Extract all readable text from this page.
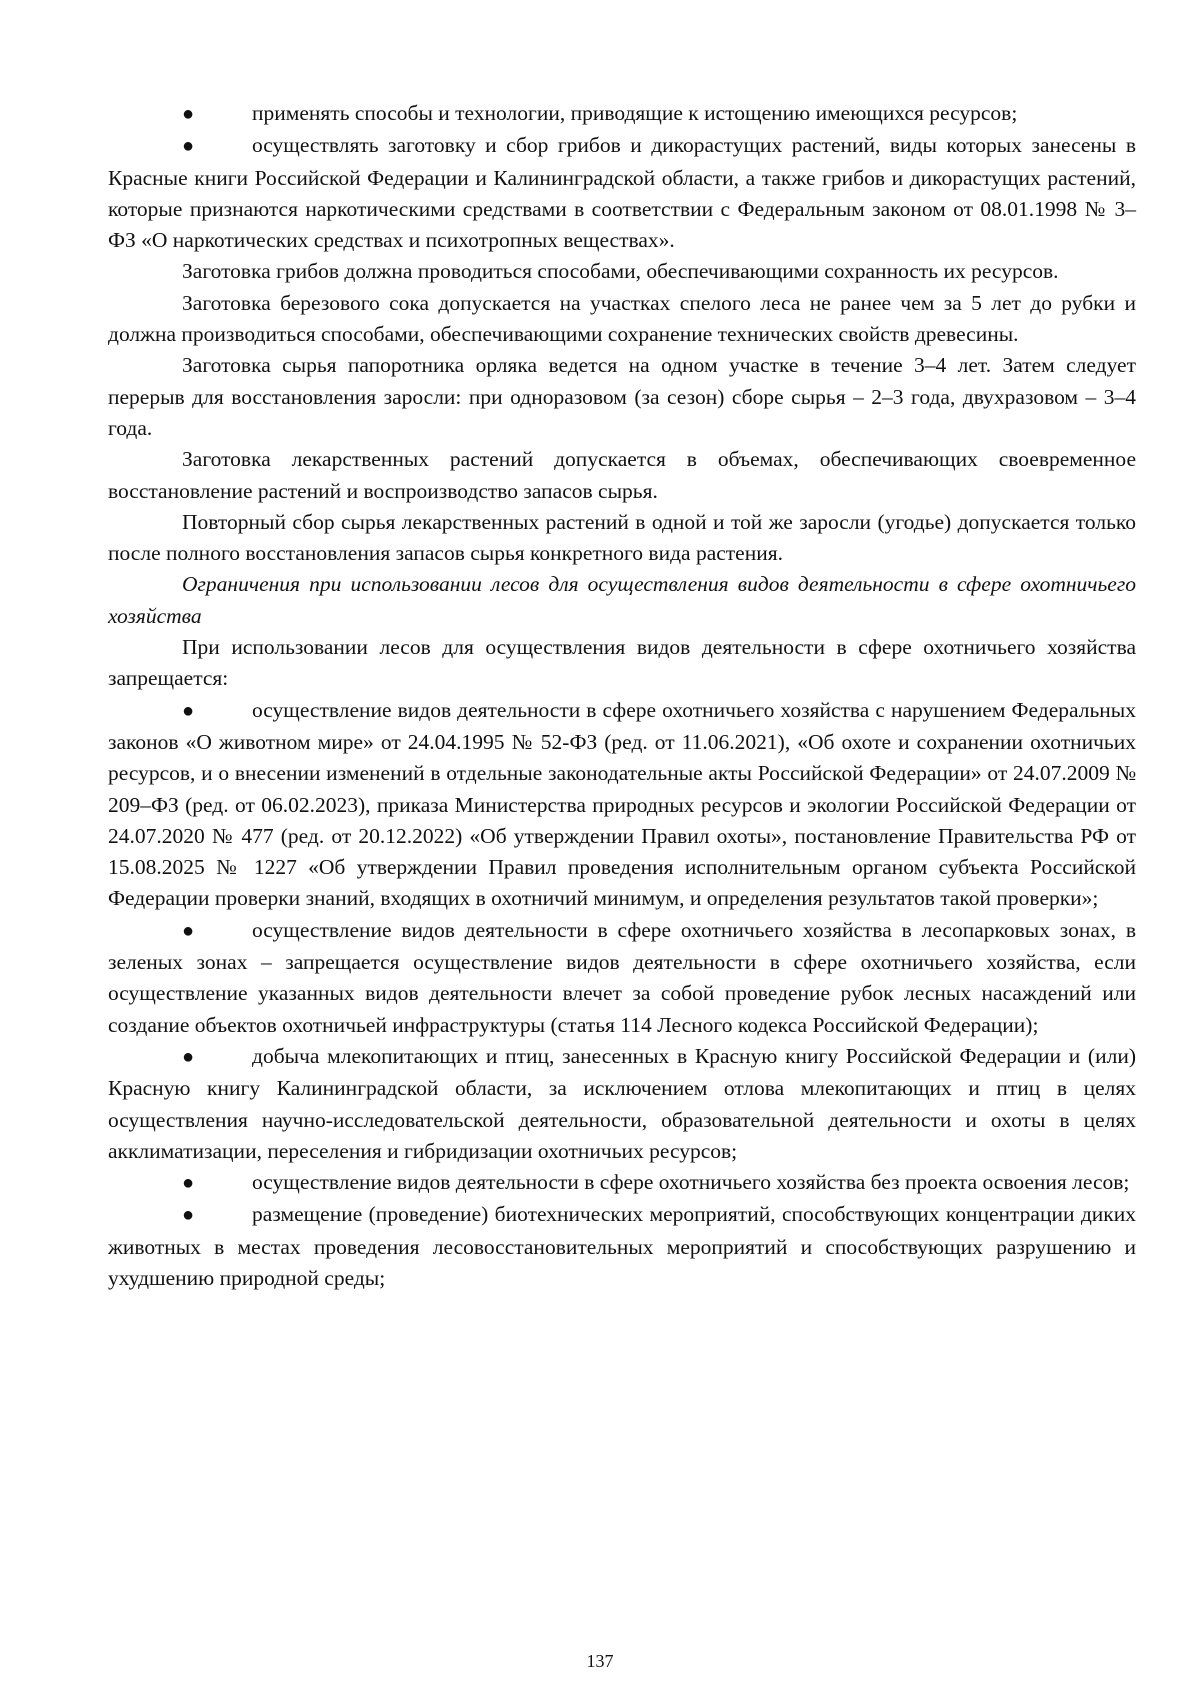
●	применять способы и технологии, приводящие к истощению имеющихся ресурсов;

●	осуществлять заготовку и сбор грибов и дикорастущих растений, виды которых занесены в Красные книги Российской Федерации и Калининградской области, а также грибов и дикорастущих растений, которые признаются наркотическими средствами в соответствии с Федеральным законом от 08.01.1998 № 3–ФЗ «О наркотических средствах и психотропных веществах».

Заготовка грибов должна проводиться способами, обеспечивающими сохранность их ресурсов.

Заготовка березового сока допускается на участках спелого леса не ранее чем за 5 лет до рубки и должна производиться способами, обеспечивающими сохранение технических свойств древесины.

Заготовка сырья папоротника орляка ведется на одном участке в течение 3–4 лет. Затем следует перерыв для восстановления заросли: при одноразовом (за сезон) сборе сырья – 2–3 года, двухразовом – 3–4 года.

Заготовка лекарственных растений допускается в объемах, обеспечивающих своевременное восстановление растений и воспроизводство запасов сырья.

Повторный сбор сырья лекарственных растений в одной и той же заросли (угодье) допускается только после полного восстановления запасов сырья конкретного вида растения.

Ограничения при использовании лесов для осуществления видов деятельности в сфере охотничьего хозяйства

При использовании лесов для осуществления видов деятельности в сфере охотничьего хозяйства запрещается:

●	осуществление видов деятельности в сфере охотничьего хозяйства с нарушением Федеральных законов «О животном мире» от 24.04.1995 № 52-ФЗ (ред. от 11.06.2021), «Об охоте и сохранении охотничьих ресурсов, и о внесении изменений в отдельные законодательные акты Российской Федерации» от 24.07.2009 № 209–ФЗ (ред. от 06.02.2023), приказа Министерства природных ресурсов и экологии Российской Федерации от 24.07.2020 № 477 (ред. от 20.12.2022) «Об утверждении Правил охоты», постановление Правительства РФ от 15.08.2025 № 1227 «Об утверждении Правил проведения исполнительным органом субъекта Российской Федерации проверки знаний, входящих в охотничий минимум, и определения результатов такой проверки»;

●	осуществление видов деятельности в сфере охотничьего хозяйства в лесопарковых зонах, в зеленых зонах – запрещается осуществление видов деятельности в сфере охотничьего хозяйства, если осуществление указанных видов деятельности влечет за собой проведение рубок лесных насаждений или создание объектов охотничьей инфраструктуры (статья 114 Лесного кодекса Российской Федерации);

●	добыча млекопитающих и птиц, занесенных в Красную книгу Российской Федерации и (или) Красную книгу Калининградской области, за исключением отлова млекопитающих и птиц в целях осуществления научно-исследовательской деятельности, образовательной деятельности и охоты в целях акклиматизации, переселения и гибридизации охотничьих ресурсов;

●	осуществление видов деятельности в сфере охотничьего хозяйства без проекта освоения лесов;

●	размещение (проведение) биотехнических мероприятий, способствующих концентрации диких животных в местах проведения лесовосстановительных мероприятий и способствующих разрушению и ухудшению природной среды;

137
